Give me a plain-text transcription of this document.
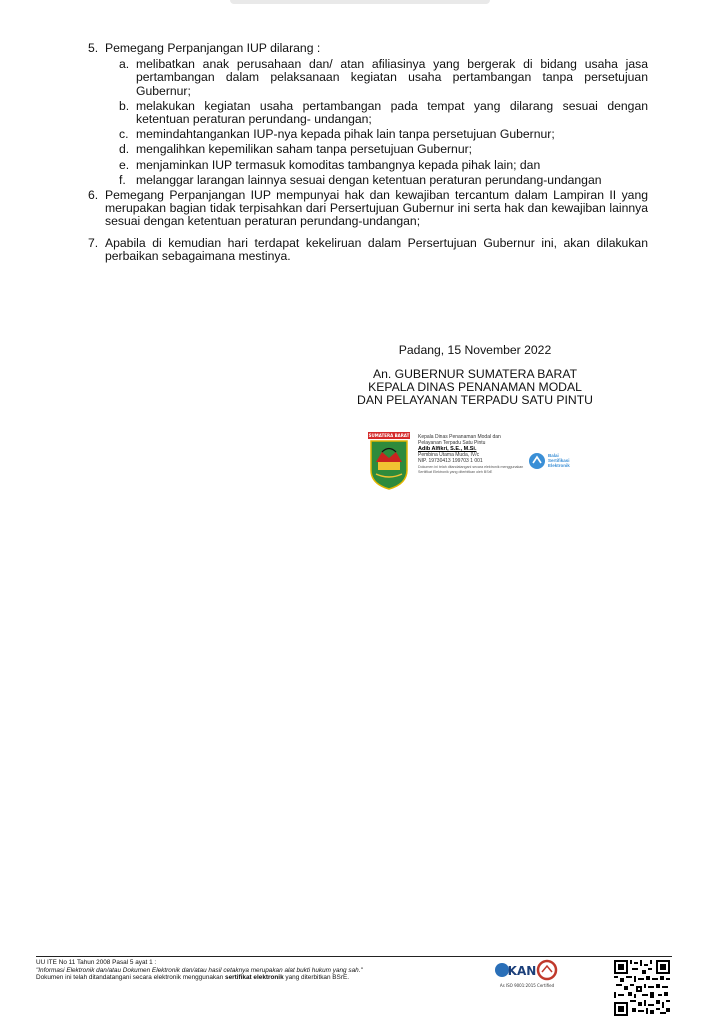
5. Pemegang Perpanjangan IUP dilarang :
a. melibatkan anak perusahaan dan/ atan afiliasinya yang bergerak di bidang usaha jasa pertambangan dalam pelaksanaan kegiatan usaha pertambangan tanpa persetujuan Gubernur;
b. melakukan kegiatan usaha pertambangan pada tempat yang dilarang sesuai dengan ketentuan peraturan perundang- undangan;
c. memindahtangankan IUP-nya kepada pihak lain tanpa persetujuan Gubernur;
d. mengalihkan kepemilikan saham tanpa persetujuan Gubernur;
e. menjaminkan IUP termasuk komoditas tambangnya kepada pihak lain; dan
f. melanggar larangan lainnya sesuai dengan ketentuan peraturan perundang-undangan
6. Pemegang Perpanjangan IUP mempunyai hak dan kewajiban tercantum dalam Lampiran II yang merupakan bagian tidak terpisahkan dari Persertujuan Gubernur ini serta hak dan kewajiban lainnya sesuai dengan ketentuan peraturan perundang-undangan;
7. Apabila di kemudian hari terdapat kekeliruan dalam Persertujuan Gubernur ini, akan dilakukan perbaikan sebagaimana mestinya.
Padang, 15 November 2022
An. GUBERNUR SUMATERA BARAT
KEPALA DINAS PENANAMAN MODAL
DAN PELAYANAN TERPADU SATU PINTU
SUMATERA BARAT Kepala Dinas Penanaman Modal dan
Pelayanan Terpadu Satu Pintu
Adib Alfikri, S.E., M.Si.
Pembina Utama Muda, IV/c
NIP. 19730413 199703 1 001
Dokumen ini telah ditandatangani secara elektronik menggunakan Sertifikat Elektronik yang diterbitkan oleh BSrE
Balai
Sertifikasi
Elektronik
UU ITE No 11 Tahun 2008 Pasal 5 ayat 1 :
"Informasi Elektronik dan/atau Dokumen Elektronik dan/atau hasil cetaknya merupakan alat bukti hukum yang sah."
Dokumen ini telah ditandatangani secara elektronik menggunakan sertifikat elektronik yang diterbitkan BSrE.	KAN
As ISO 9001:2015 Certified
